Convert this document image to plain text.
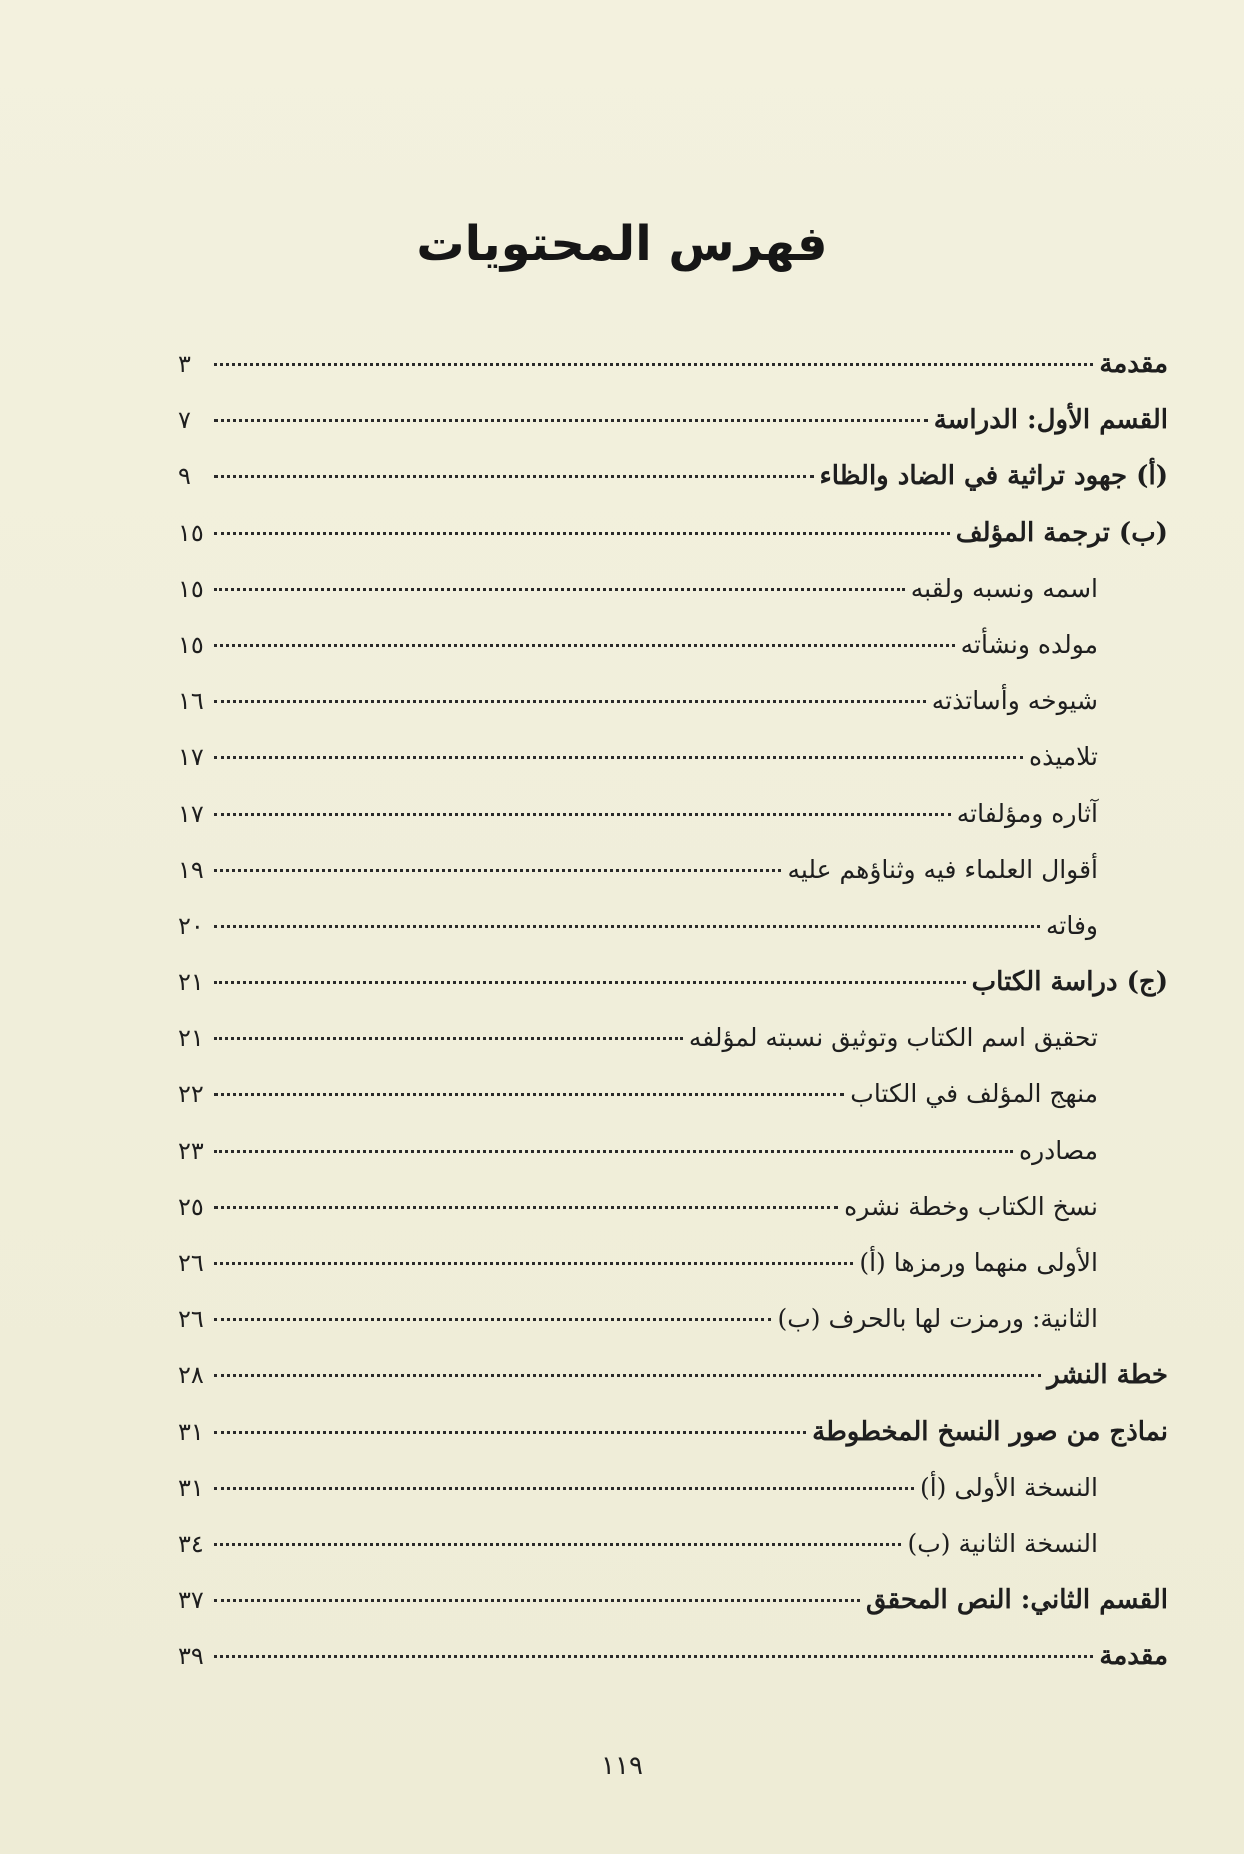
فهرس المحتويات
مقدمة
٣
القسم الأول: الدراسة
٧
(أ) جهود تراثية في الضاد والظاء
٩
(ب) ترجمة المؤلف
١٥
اسمه ونسبه ولقبه
١٥
مولده ونشأته
١٥
شيوخه وأساتذته
١٦
تلاميذه
١٧
آثاره ومؤلفاته
١٧
أقوال العلماء فيه وثناؤهم عليه
١٩
وفاته
٢٠
(ج) دراسة الكتاب
٢١
تحقيق اسم الكتاب وتوثيق نسبته لمؤلفه
٢١
منهج المؤلف في الكتاب
٢٢
مصادره
٢٣
نسخ الكتاب وخطة نشره
٢٥
الأولى منهما ورمزها (أ)
٢٦
الثانية: ورمزت لها بالحرف (ب)
٢٦
خطة النشر
٢٨
نماذج من صور النسخ المخطوطة
٣١
النسخة الأولى (أ)
٣١
النسخة الثانية (ب)
٣٤
القسم الثاني: النص المحقق
٣٧
مقدمة
٣٩
١١٩
